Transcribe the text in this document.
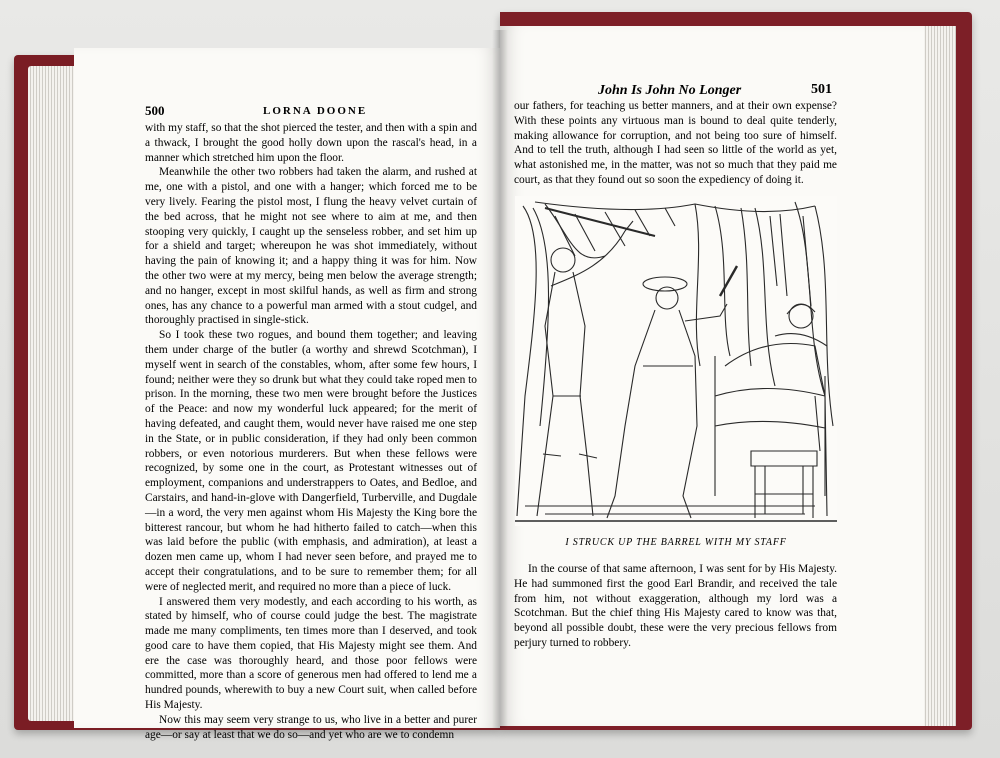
500	LORNA DOONE

with my staff, so that the shot pierced the tester, and then with a spin and a thwack, I brought the good holly down upon the rascal's head, in a manner which stretched him upon the floor.

Meanwhile the other two robbers had taken the alarm, and rushed at me, one with a pistol, and one with a hanger; which forced me to be very lively. Fearing the pistol most, I flung the heavy velvet curtain of the bed across, that he might not see where to aim at me, and then stooping very quickly, I caught up the senseless robber, and set him up for a shield and target; whereupon he was shot immediately, without having the pain of knowing it; and a happy thing it was for him. Now the other two were at my mercy, being men below the average strength; and no hanger, except in most skilful hands, as well as firm and strong ones, has any chance to a powerful man armed with a stout cudgel, and thoroughly practised in single-stick.

So I took these two rogues, and bound them together; and leaving them under charge of the butler (a worthy and shrewd Scotchman), I myself went in search of the constables, whom, after some few hours, I found; neither were they so drunk but what they could take roped men to prison. In the morning, these two men were brought before the Justices of the Peace: and now my wonderful luck appeared; for the merit of having defeated, and caught them, would never have raised me one step in the State, or in public consideration, if they had only been common robbers, or even notorious murderers. But when these fellows were recognized, by some one in the court, as Protestant witnesses out of employment, companions and understrappers to Oates, and Bedloe, and Carstairs, and hand-in-glove with Dangerfield, Turberville, and Dugdale—in a word, the very men against whom His Majesty the King bore the bitterest rancour, but whom he had hitherto failed to catch—when this was laid before the public (with emphasis, and admiration), at least a dozen men came up, whom I had never seen before, and prayed me to accept their congratulations, and to be sure to remember them; for all were of neglected merit, and required no more than a piece of luck.

I answered them very modestly, and each according to his worth, as stated by himself, who of course could judge the best. The magistrate made me many compliments, ten times more than I deserved, and took good care to have them copied, that His Majesty might see them. And ere the case was thoroughly heard, and those poor fellows were committed, more than a score of generous men had offered to lend me a hundred pounds, wherewith to buy a new Court suit, when called before His Majesty.

Now this may seem very strange to us, who live in a better and purer age—or say at least that we do so—and yet who are we to condemn

John Is John No Longer	501

our fathers, for teaching us better manners, and at their own expense? With these points any virtuous man is bound to deal quite tenderly, making allowance for corruption, and not being too sure of himself. And to tell the truth, although I had seen so little of the world as yet, what astonished me, in the matter, was not so much that they paid me court, as that they found out so soon the expediency of doing it.

I STRUCK UP THE BARREL WITH MY STAFF

In the course of that same afternoon, I was sent for by His Majesty. He had summoned first the good Earl Brandir, and received the tale from him, not without exaggeration, although my lord was a Scotchman. But the chief thing His Majesty cared to know was that, beyond all possible doubt, these were the very precious fellows from perjury turned to robbery.
